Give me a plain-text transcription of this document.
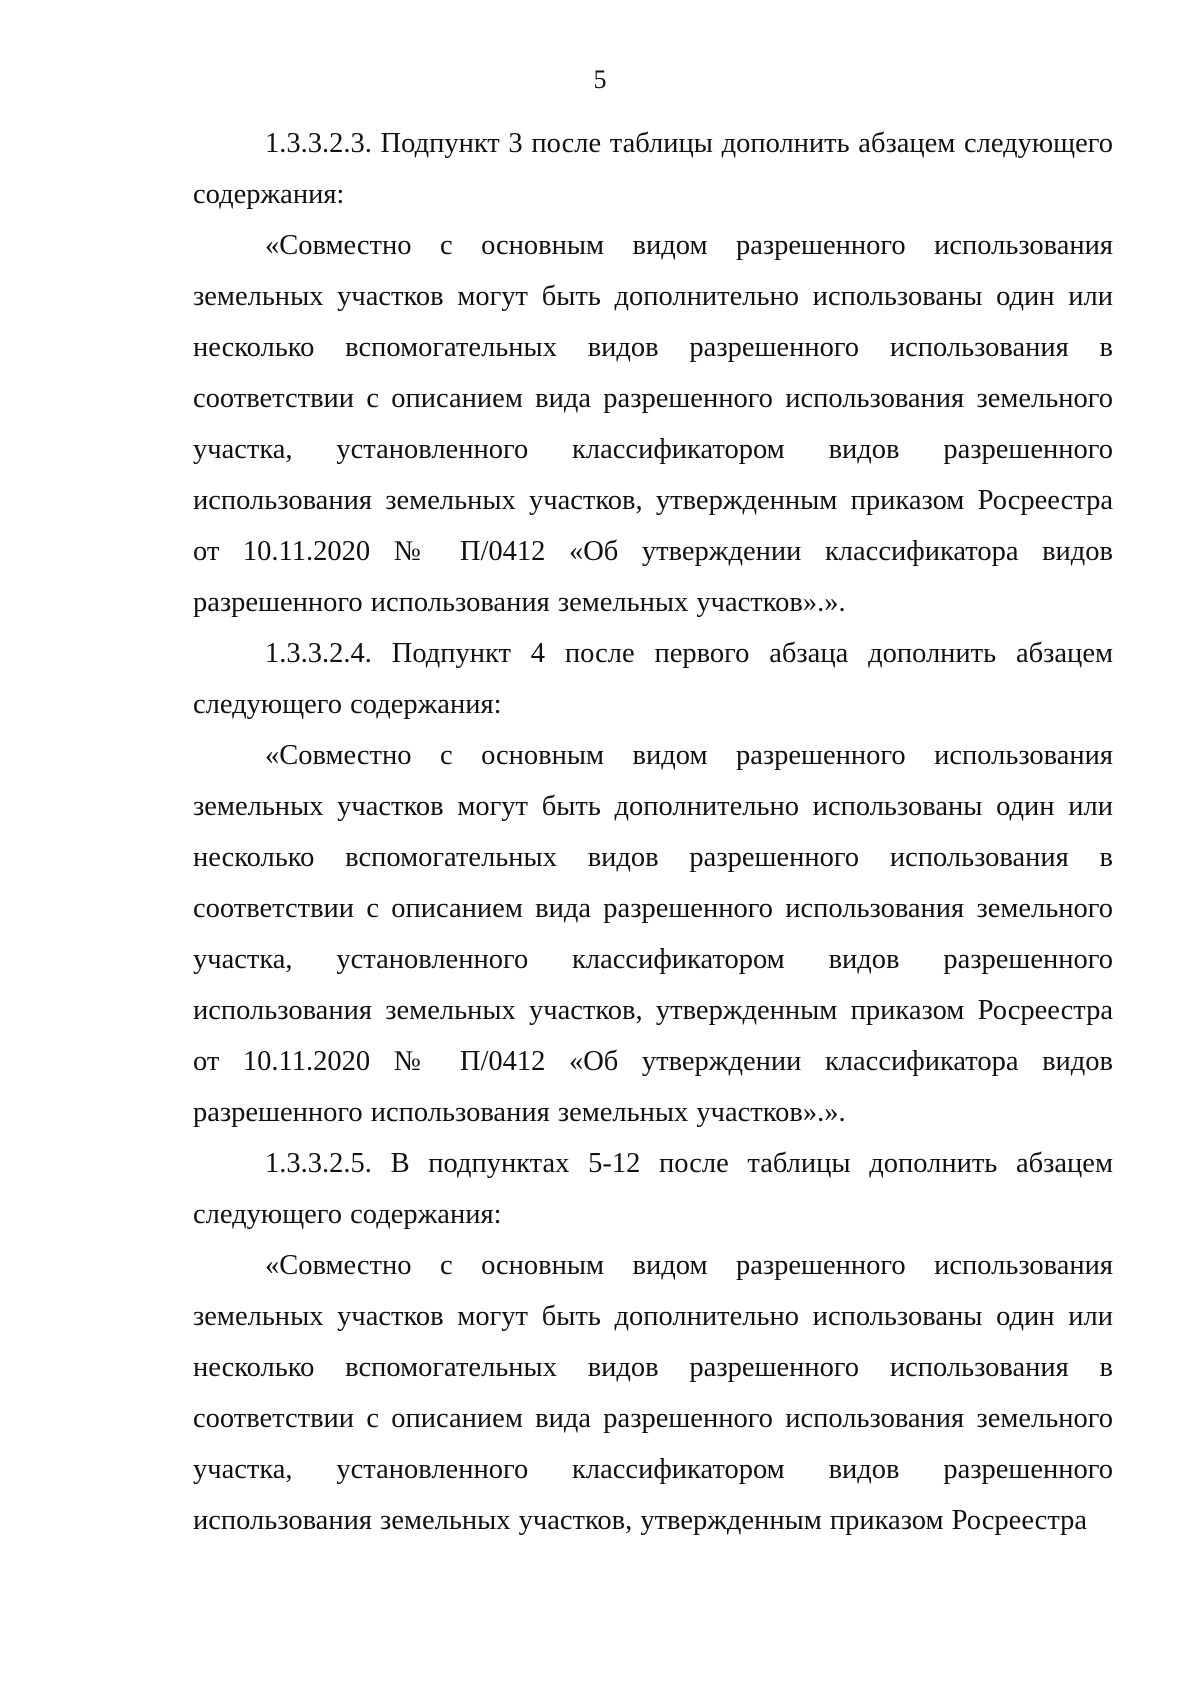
5

1.3.3.2.3. Подпункт 3 после таблицы дополнить абзацем следующего содержания:

«Совместно с основным видом разрешенного использования земельных участков могут быть дополнительно использованы один или несколько вспомогательных видов разрешенного использования в соответствии с описанием вида разрешенного использования земельного участка, установленного классификатором видов разрешенного использования земельных участков, утвержденным приказом Росреестра от 10.11.2020 № П/0412 «Об утверждении классификатора видов разрешенного использования земельных участков».».

1.3.3.2.4. Подпункт 4 после первого абзаца дополнить абзацем следующего содержания:

«Совместно с основным видом разрешенного использования земельных участков могут быть дополнительно использованы один или несколько вспомогательных видов разрешенного использования в соответствии с описанием вида разрешенного использования земельного участка, установленного классификатором видов разрешенного использования земельных участков, утвержденным приказом Росреестра от 10.11.2020 № П/0412 «Об утверждении классификатора видов разрешенного использования земельных участков».».

1.3.3.2.5. В подпунктах 5-12 после таблицы дополнить абзацем следующего содержания:

«Совместно с основным видом разрешенного использования земельных участков могут быть дополнительно использованы один или несколько вспомогательных видов разрешенного использования в соответствии с описанием вида разрешенного использования земельного участка, установленного классификатором видов разрешенного использования земельных участков, утвержденным приказом Росреестра
